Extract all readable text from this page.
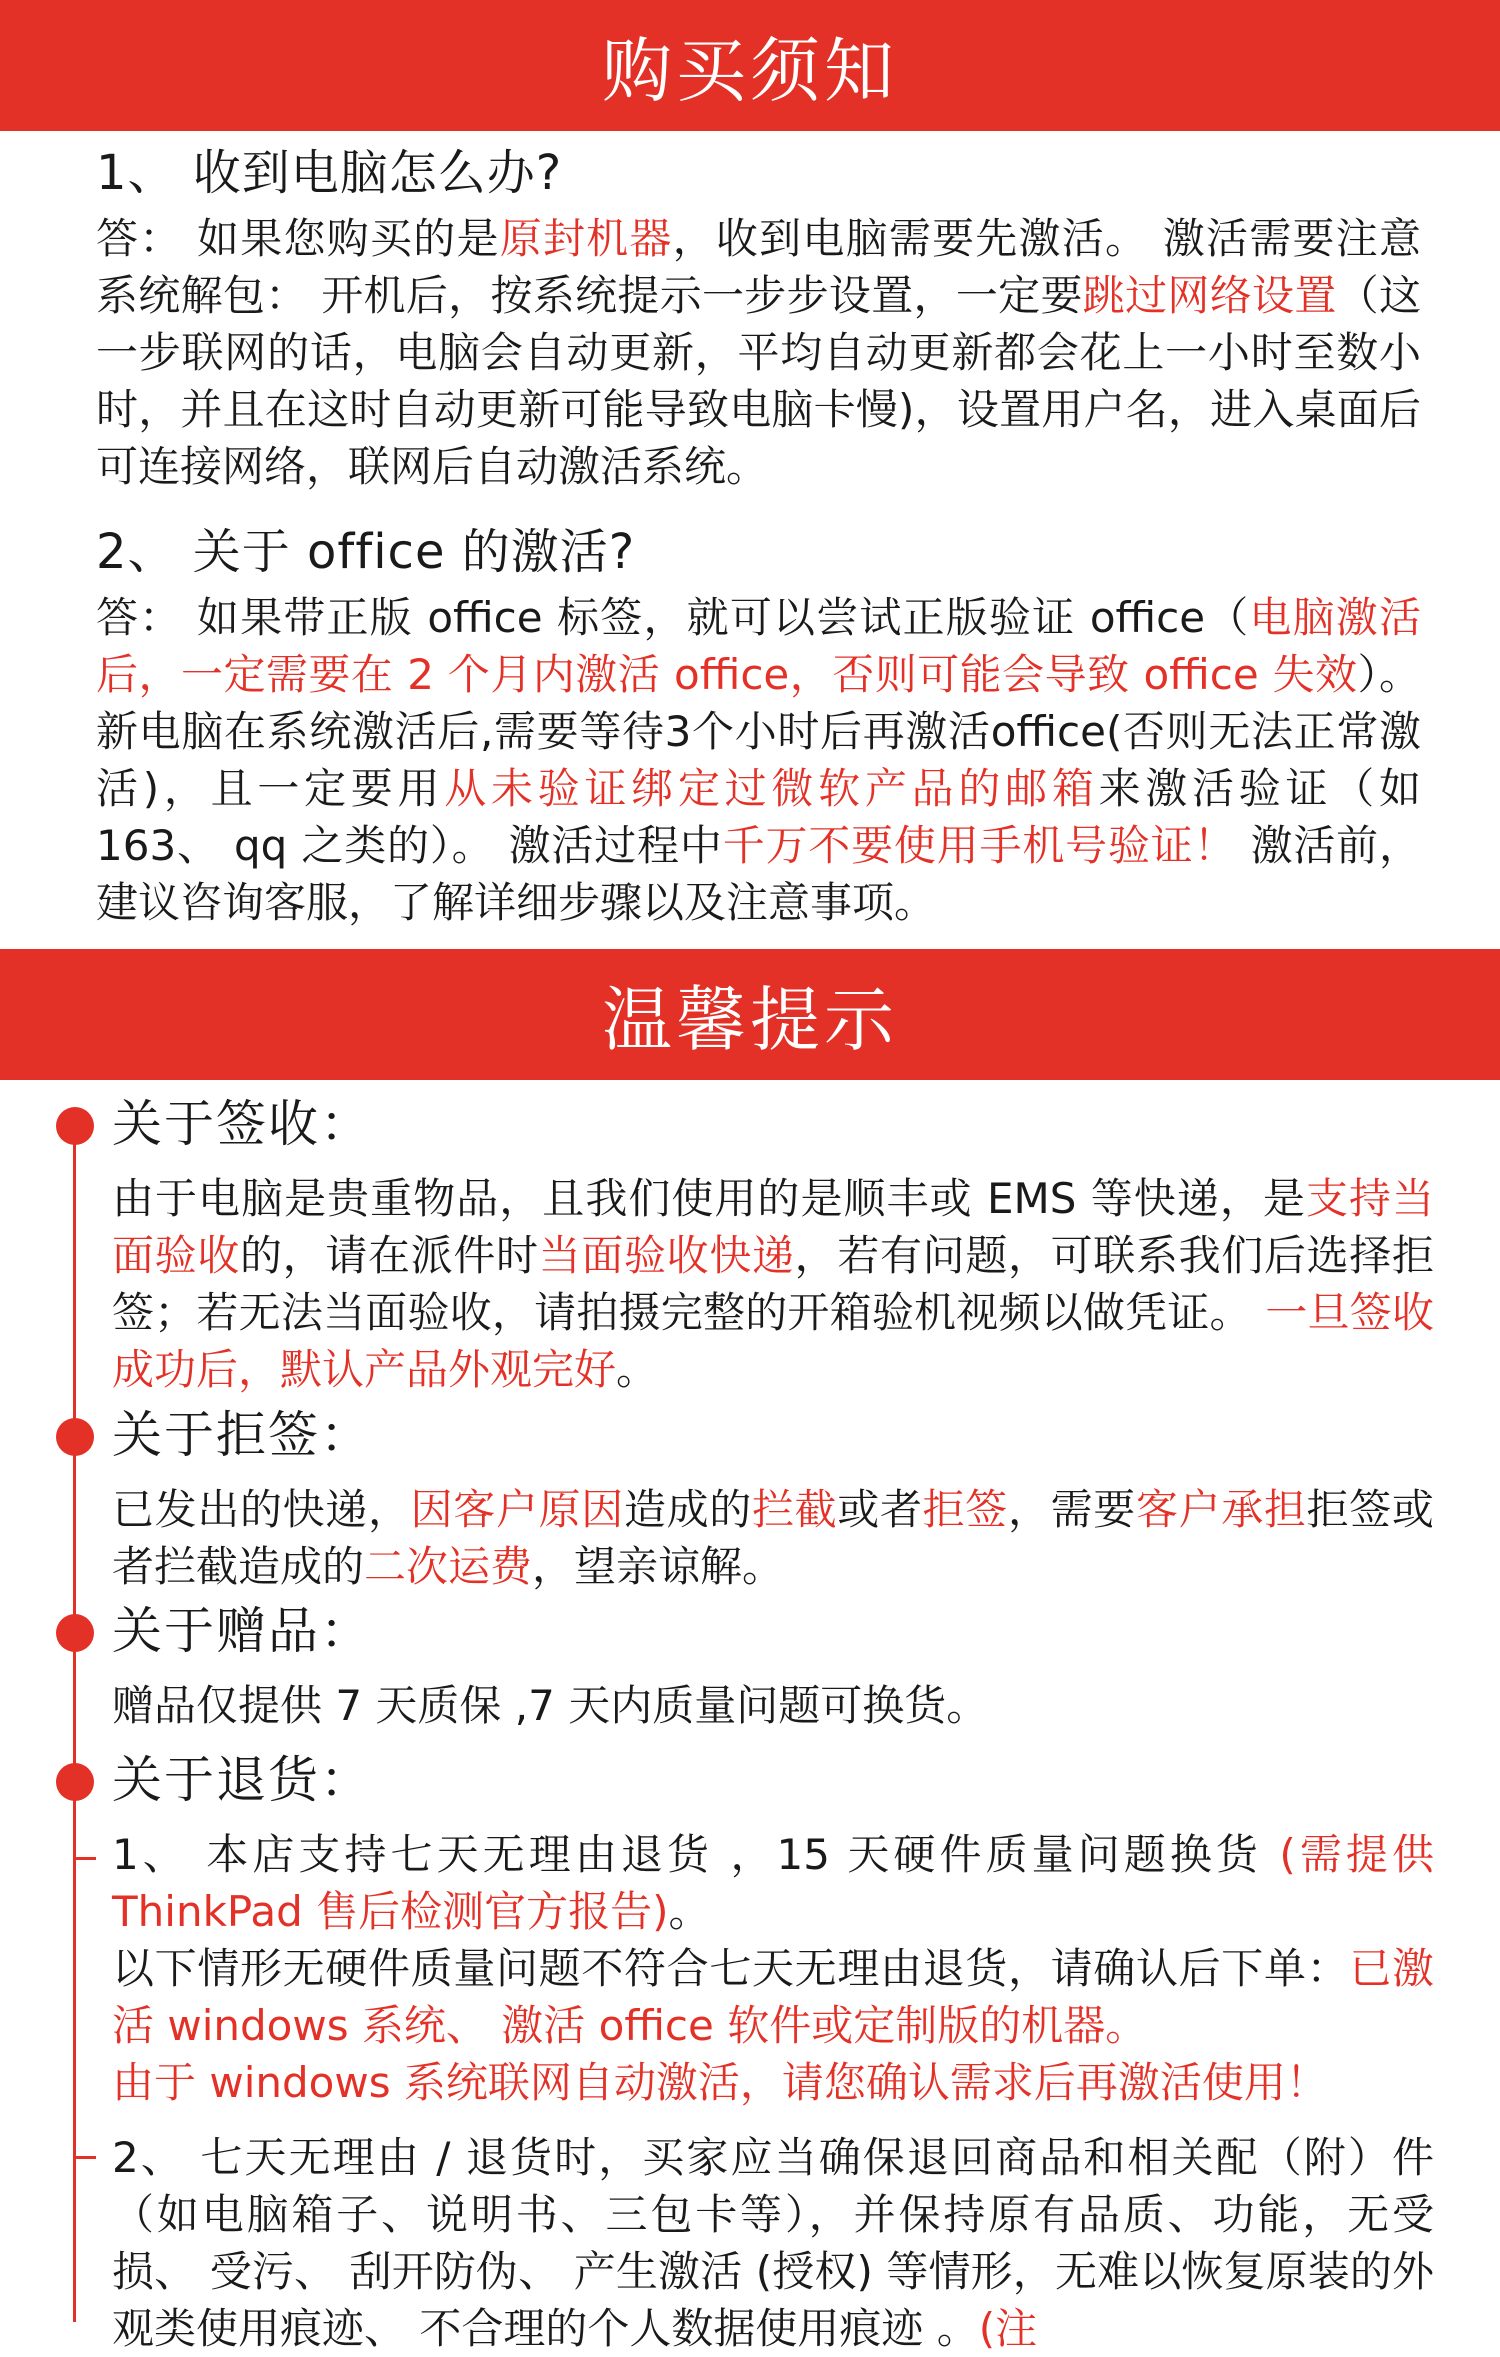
购买须知

1、 收到电脑怎么办?

答： 如果您购买的是原封机器，收到电脑需要先激活。 激活需要注意系统解包： 开机后，按系统提示一步步设置，一定要跳过网络设置（这一步联网的话，电脑会自动更新，平均自动更新都会花上一小时至数小时，并且在这时自动更新可能导致电脑卡慢)，设置用户名，进入桌面后可连接网络，联网后自动激活系统。

2、 关于 office 的激活?

答： 如果带正版 office 标签，就可以尝试正版验证 office（电脑激活后，一定需要在 2 个月内激活 office，否则可能会导致 office 失效）。新电脑在系统激活后,需要等待3个小时后再激活office(否则无法正常激活)，且一定要用从未验证绑定过微软产品的邮箱来激活验证（如 163、 qq 之类的）。 激活过程中千万不要使用手机号验证！ 激活前，建议咨询客服，了解详细步骤以及注意事项。

温馨提示

关于签收：

由于电脑是贵重物品，且我们使用的是顺丰或 EMS 等快递，是支持当面验收的，请在派件时当面验收快递，若有问题，可联系我们后选择拒签；若无法当面验收，请拍摄完整的开箱验机视频以做凭证。 一旦签收成功后，默认产品外观完好。

关于拒签：

已发出的快递，因客户原因造成的拦截或者拒签，需要客户承担拒签或者拦截造成的二次运费，望亲谅解。

关于赠品：

赠品仅提供 7 天质保 ,7 天内质量问题可换货。

关于退货：

1、 本店支持七天无理由退货 ，15 天硬件质量问题换货 (需提供 ThinkPad 售后检测官方报告)。

以下情形无硬件质量问题不符合七天无理由退货，请确认后下单：已激活 windows 系统、 激活 office 软件或定制版的机器。

由于 windows 系统联网自动激活，请您确认需求后再激活使用！

2、 七天无理由 / 退货时，买家应当确保退回商品和相关配（附）件（如电脑箱子、说明书、三包卡等），并保持原有品质、功能，无受损、 受污、 刮开防伪、 产生激活 (授权) 等情形，无难以恢复原装的外观类使用痕迹、 不合理的个人数据使用痕迹 。(注
